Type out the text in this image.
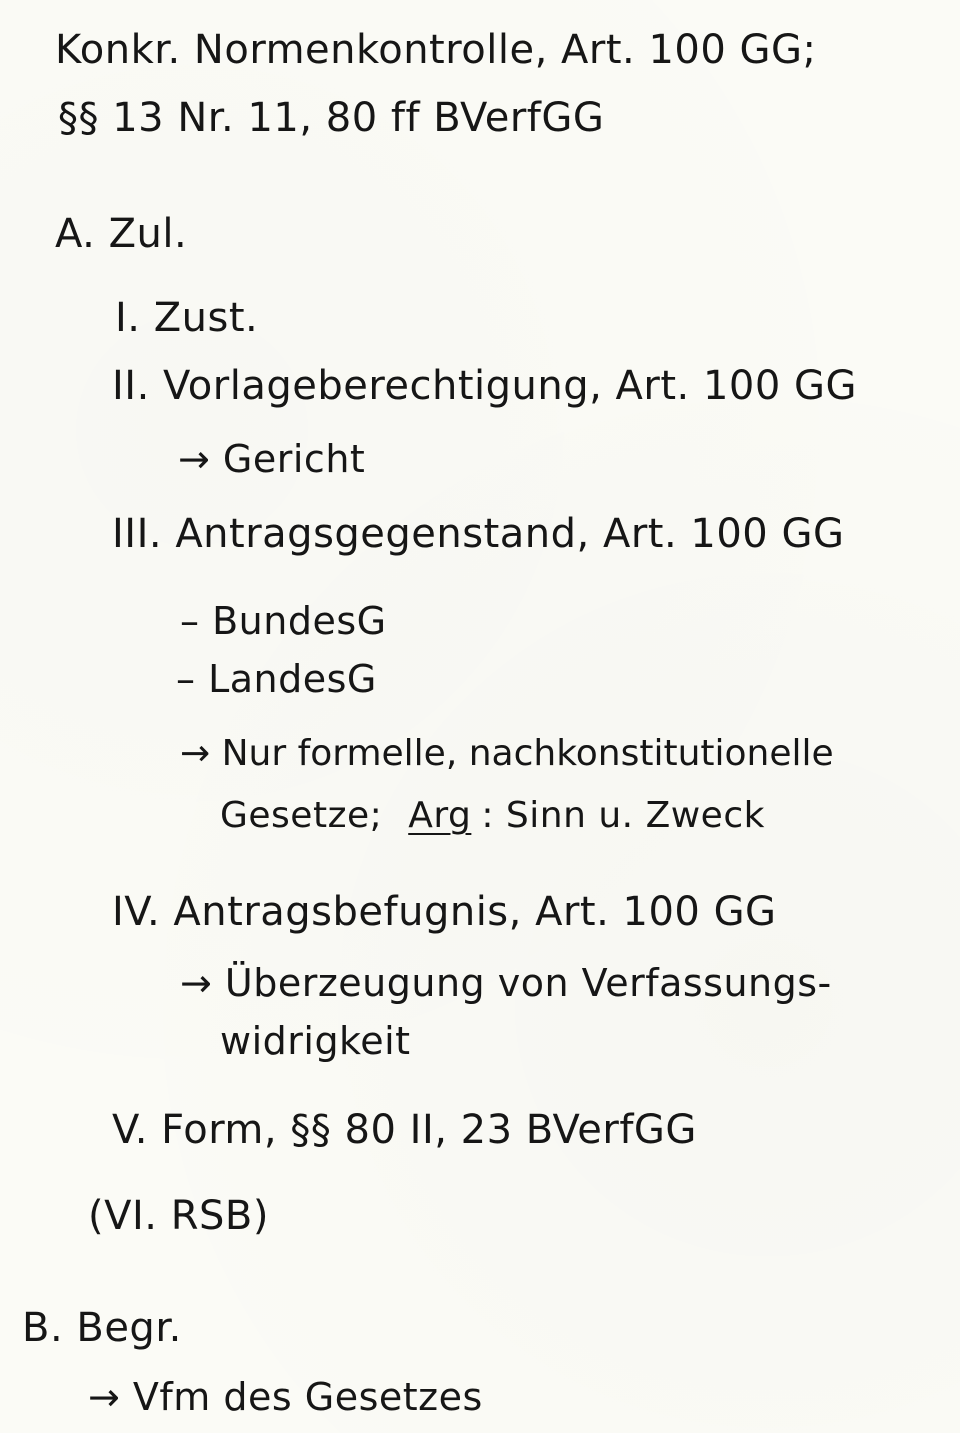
Konkr. Normenkontrolle, Art. 100 GG;
§§ 13 Nr. 11, 80 ff BVerfGG
A. Zul.
I. Zust.
II. Vorlageberechtigung, Art. 100 GG
→ Gericht
III. Antragsgegenstand, Art. 100 GG
– BundesG
– LandesG
→ Nur formelle, nachkonstitutionelle
Gesetze; Arg : Sinn u. Zweck
IV. Antragsbefugnis, Art. 100 GG
→ Überzeugung von Verfassungs-
widrigkeit
V. Form, §§ 80 II, 23 BVerfGG
(VI. RSB)
B. Begr.
→ Vfm des Gesetzes
